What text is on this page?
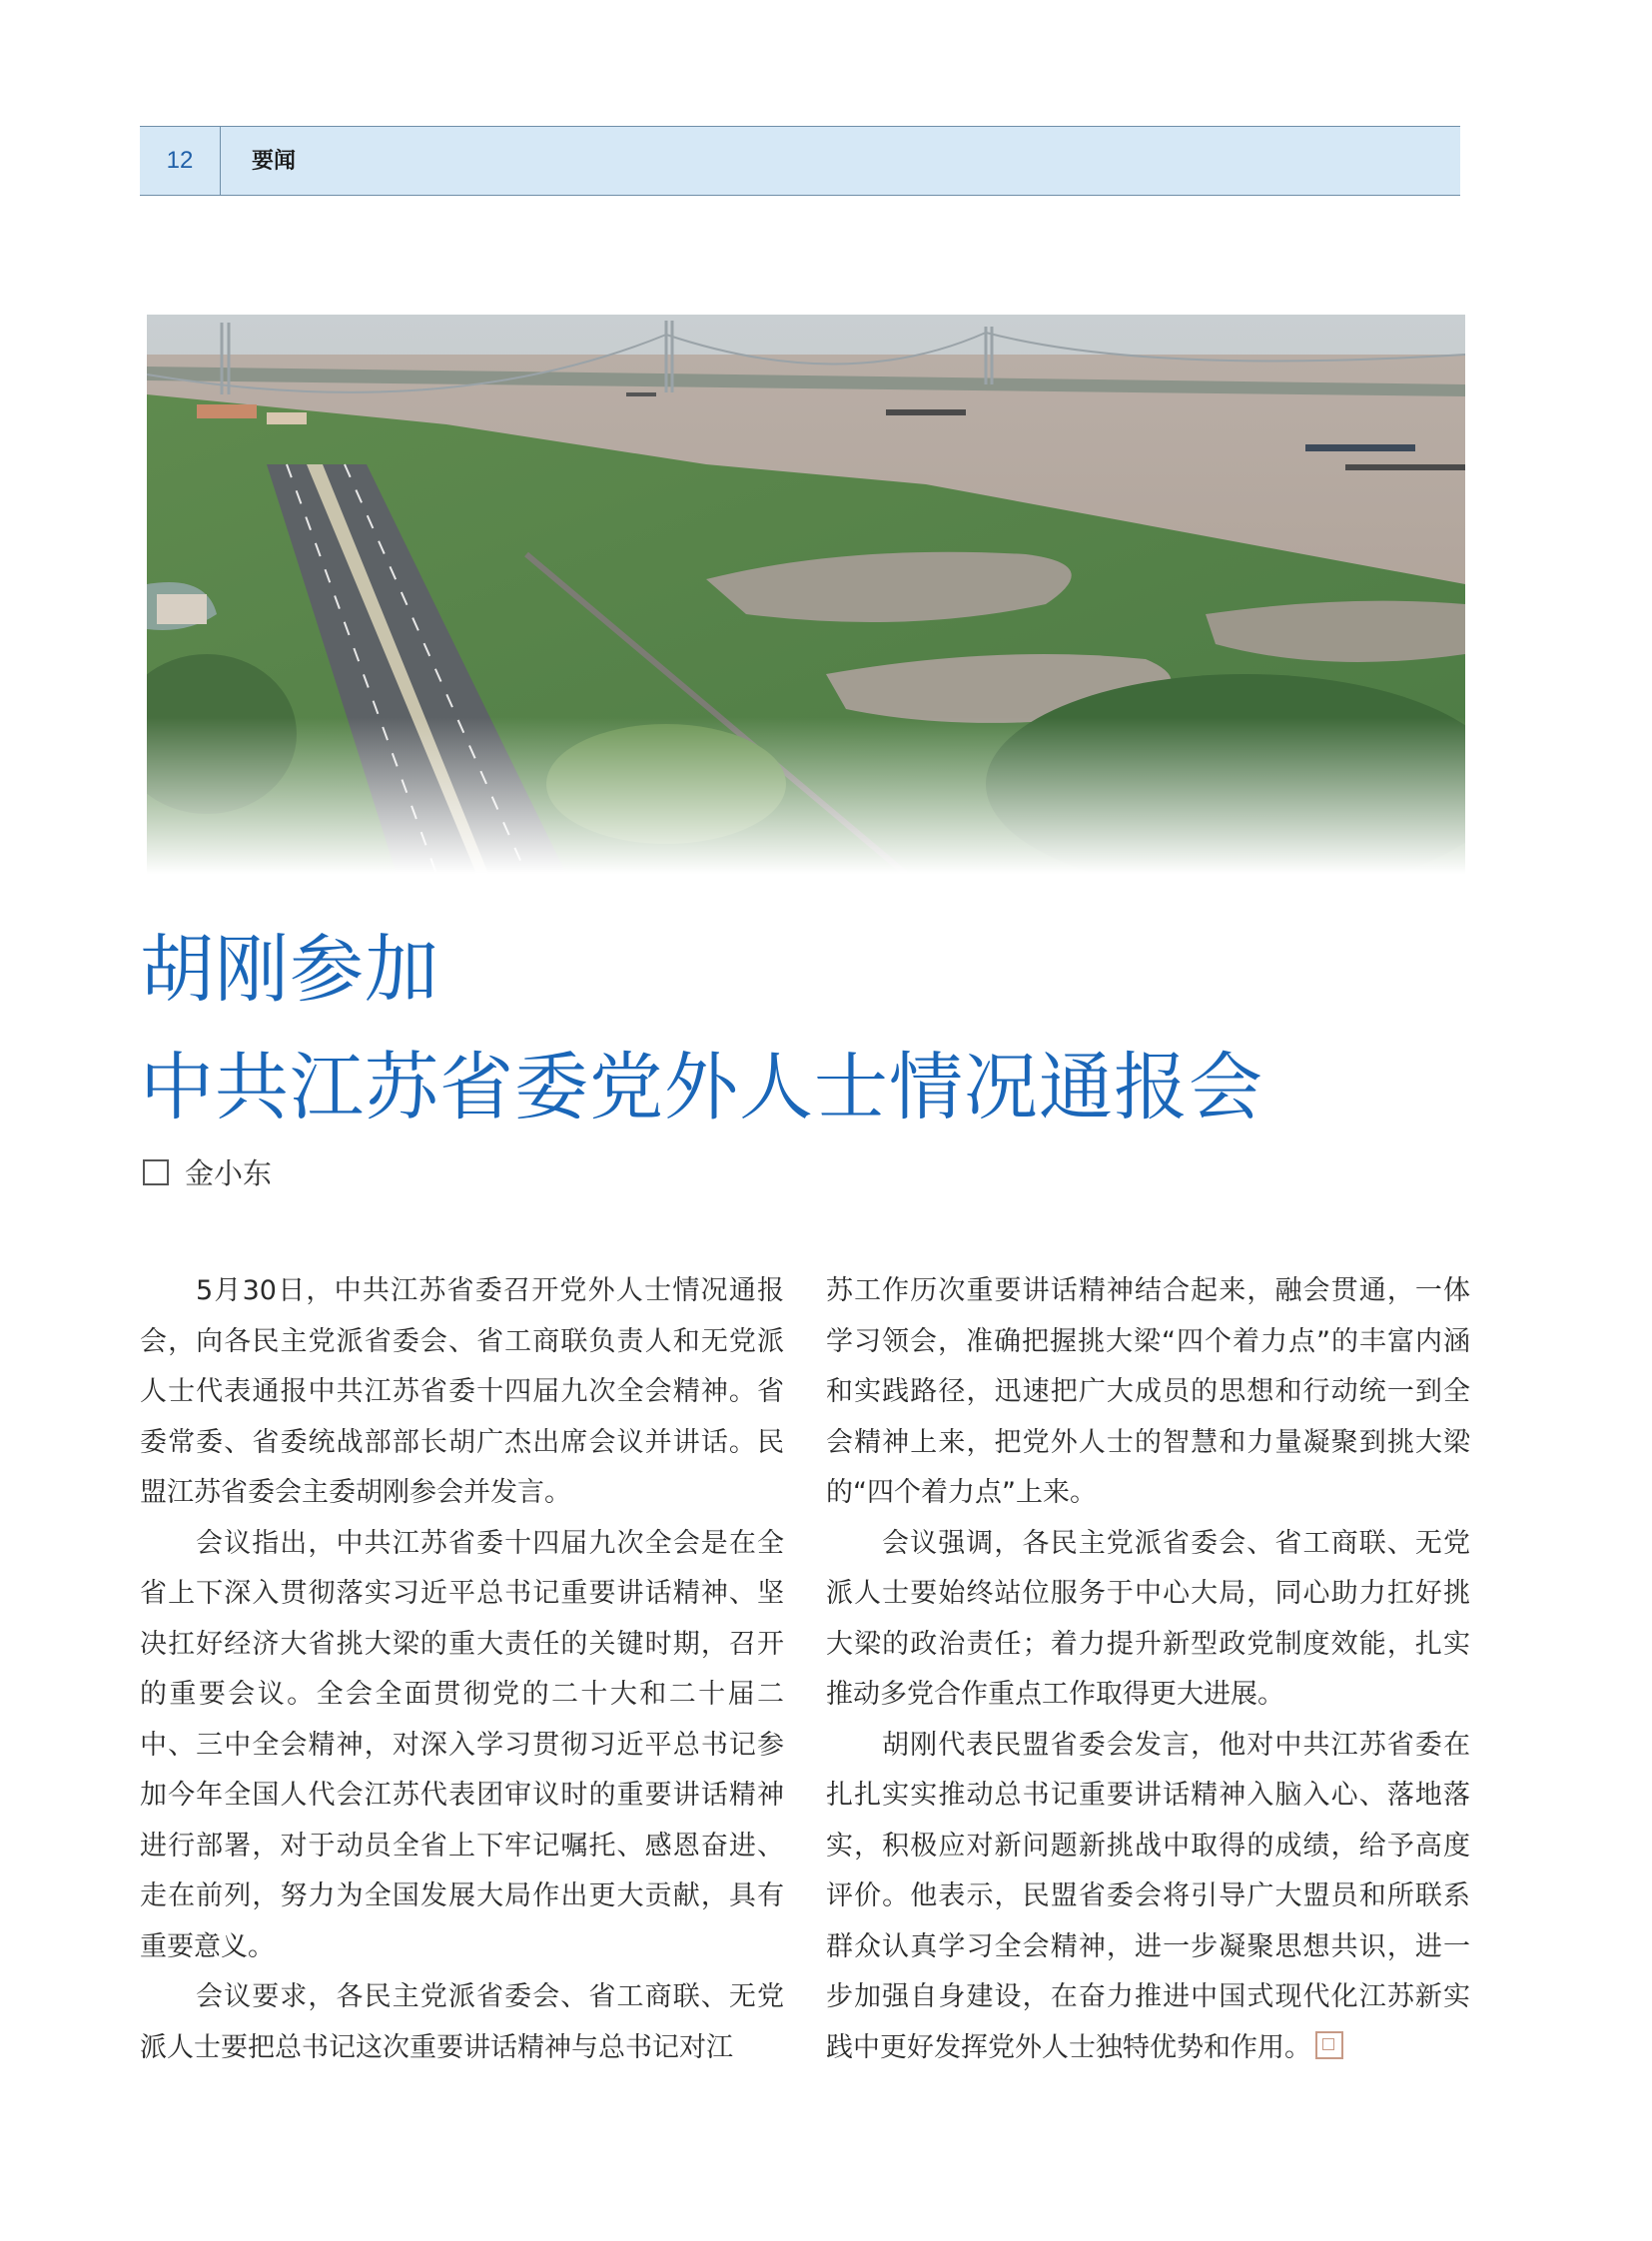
12	要闻
胡刚参加
中共江苏省委党外人士情况通报会
金小东

5月30日，中共江苏省委召开党外人士情况通报会，向各民主党派省委会、省工商联负责人和无党派人士代表通报中共江苏省委十四届九次全会精神。省委常委、省委统战部部长胡广杰出席会议并讲话。民盟江苏省委会主委胡刚参会并发言。

会议指出，中共江苏省委十四届九次全会是在全省上下深入贯彻落实习近平总书记重要讲话精神、坚决扛好经济大省挑大梁的重大责任的关键时期，召开的重要会议。全会全面贯彻党的二十大和二十届二中、三中全会精神，对深入学习贯彻习近平总书记参加今年全国人代会江苏代表团审议时的重要讲话精神进行部署，对于动员全省上下牢记嘱托、感恩奋进、走在前列，努力为全国发展大局作出更大贡献，具有重要意义。

会议要求，各民主党派省委会、省工商联、无党派人士要把总书记这次重要讲话精神与总书记对江

苏工作历次重要讲话精神结合起来，融会贯通，一体学习领会，准确把握挑大梁“四个着力点”的丰富内涵和实践路径，迅速把广大成员的思想和行动统一到全会精神上来，把党外人士的智慧和力量凝聚到挑大梁的“四个着力点”上来。

会议强调，各民主党派省委会、省工商联、无党派人士要始终站位服务于中心大局，同心助力扛好挑大梁的政治责任；着力提升新型政党制度效能，扎实推动多党合作重点工作取得更大进展。

胡刚代表民盟省委会发言，他对中共江苏省委在扎扎实实推动总书记重要讲话精神入脑入心、落地落实，积极应对新问题新挑战中取得的成绩，给予高度评价。他表示，民盟省委会将引导广大盟员和所联系群众认真学习全会精神，进一步凝聚思想共识，进一步加强自身建设，在奋力推进中国式现代化江苏新实践中更好发挥党外人士独特优势和作用。
